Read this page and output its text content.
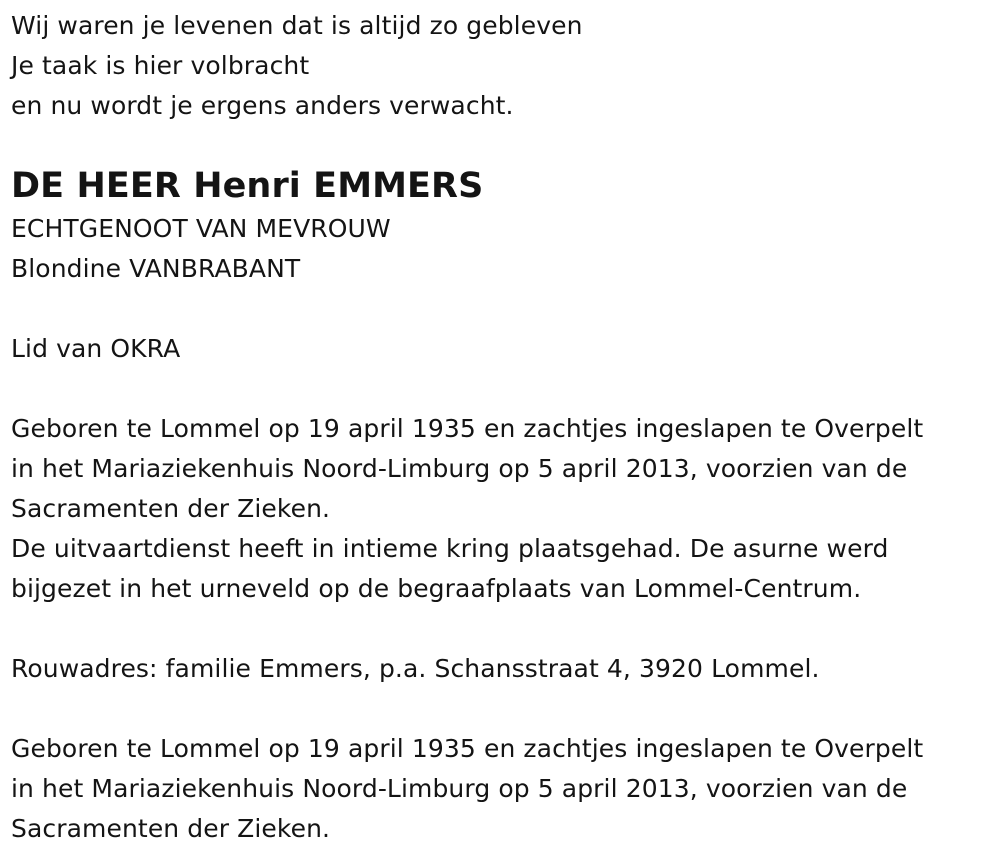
Wij waren je levenen dat is altijd zo gebleven
Je taak is hier volbracht
en nu wordt je ergens anders verwacht.
DE HEER Henri EMMERS
ECHTGENOOT VAN MEVROUW
Blondine VANBRABANT
Lid van OKRA
Geboren te Lommel op 19 april 1935 en zachtjes ingeslapen te Overpelt
in het Mariaziekenhuis Noord-Limburg op 5 april 2013, voorzien van de
Sacramenten der Zieken.
De uitvaartdienst heeft in intieme kring plaatsgehad. De asurne werd
bijgezet in het urneveld op de begraafplaats van Lommel-Centrum.
Rouwadres: familie Emmers, p.a. Schansstraat 4, 3920 Lommel.
Geboren te Lommel op 19 april 1935 en zachtjes ingeslapen te Overpelt
in het Mariaziekenhuis Noord-Limburg op 5 april 2013, voorzien van de
Sacramenten der Zieken.
